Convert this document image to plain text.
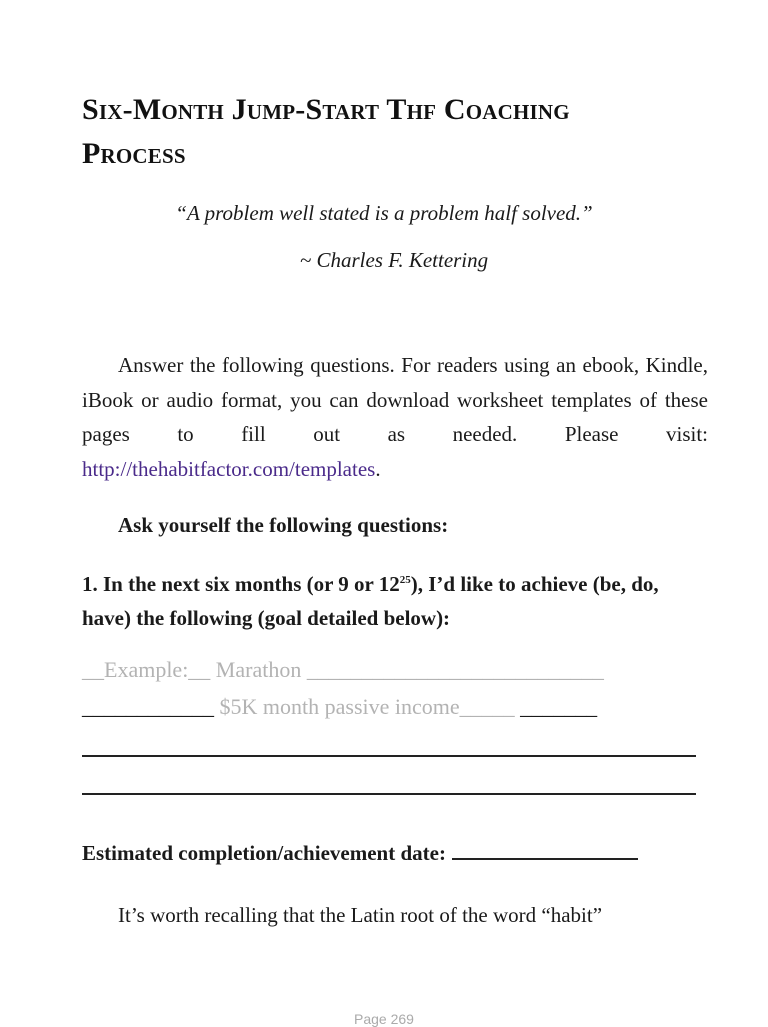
Six-Month Jump-Start Thf Coaching
Process
“A problem well stated is a problem half solved.”
~ Charles F. Kettering
Answer the following questions. For readers using an ebook, Kindle, iBook or audio format, you can download worksheet templates of these pages to fill out as needed. Please visit: http://thehabitfactor.com/templates.
Ask yourself the following questions:
1. In the next six months (or 9 or $12^{25}$), I’d like to achieve (be, do, have) the following (goal detailed below):
__Example:__ Marathon ___________________________
____________ $5K month passive income_____ _______
Estimated completion/achievement date:
It’s worth recalling that the Latin root of the word “habit”
Page 269
